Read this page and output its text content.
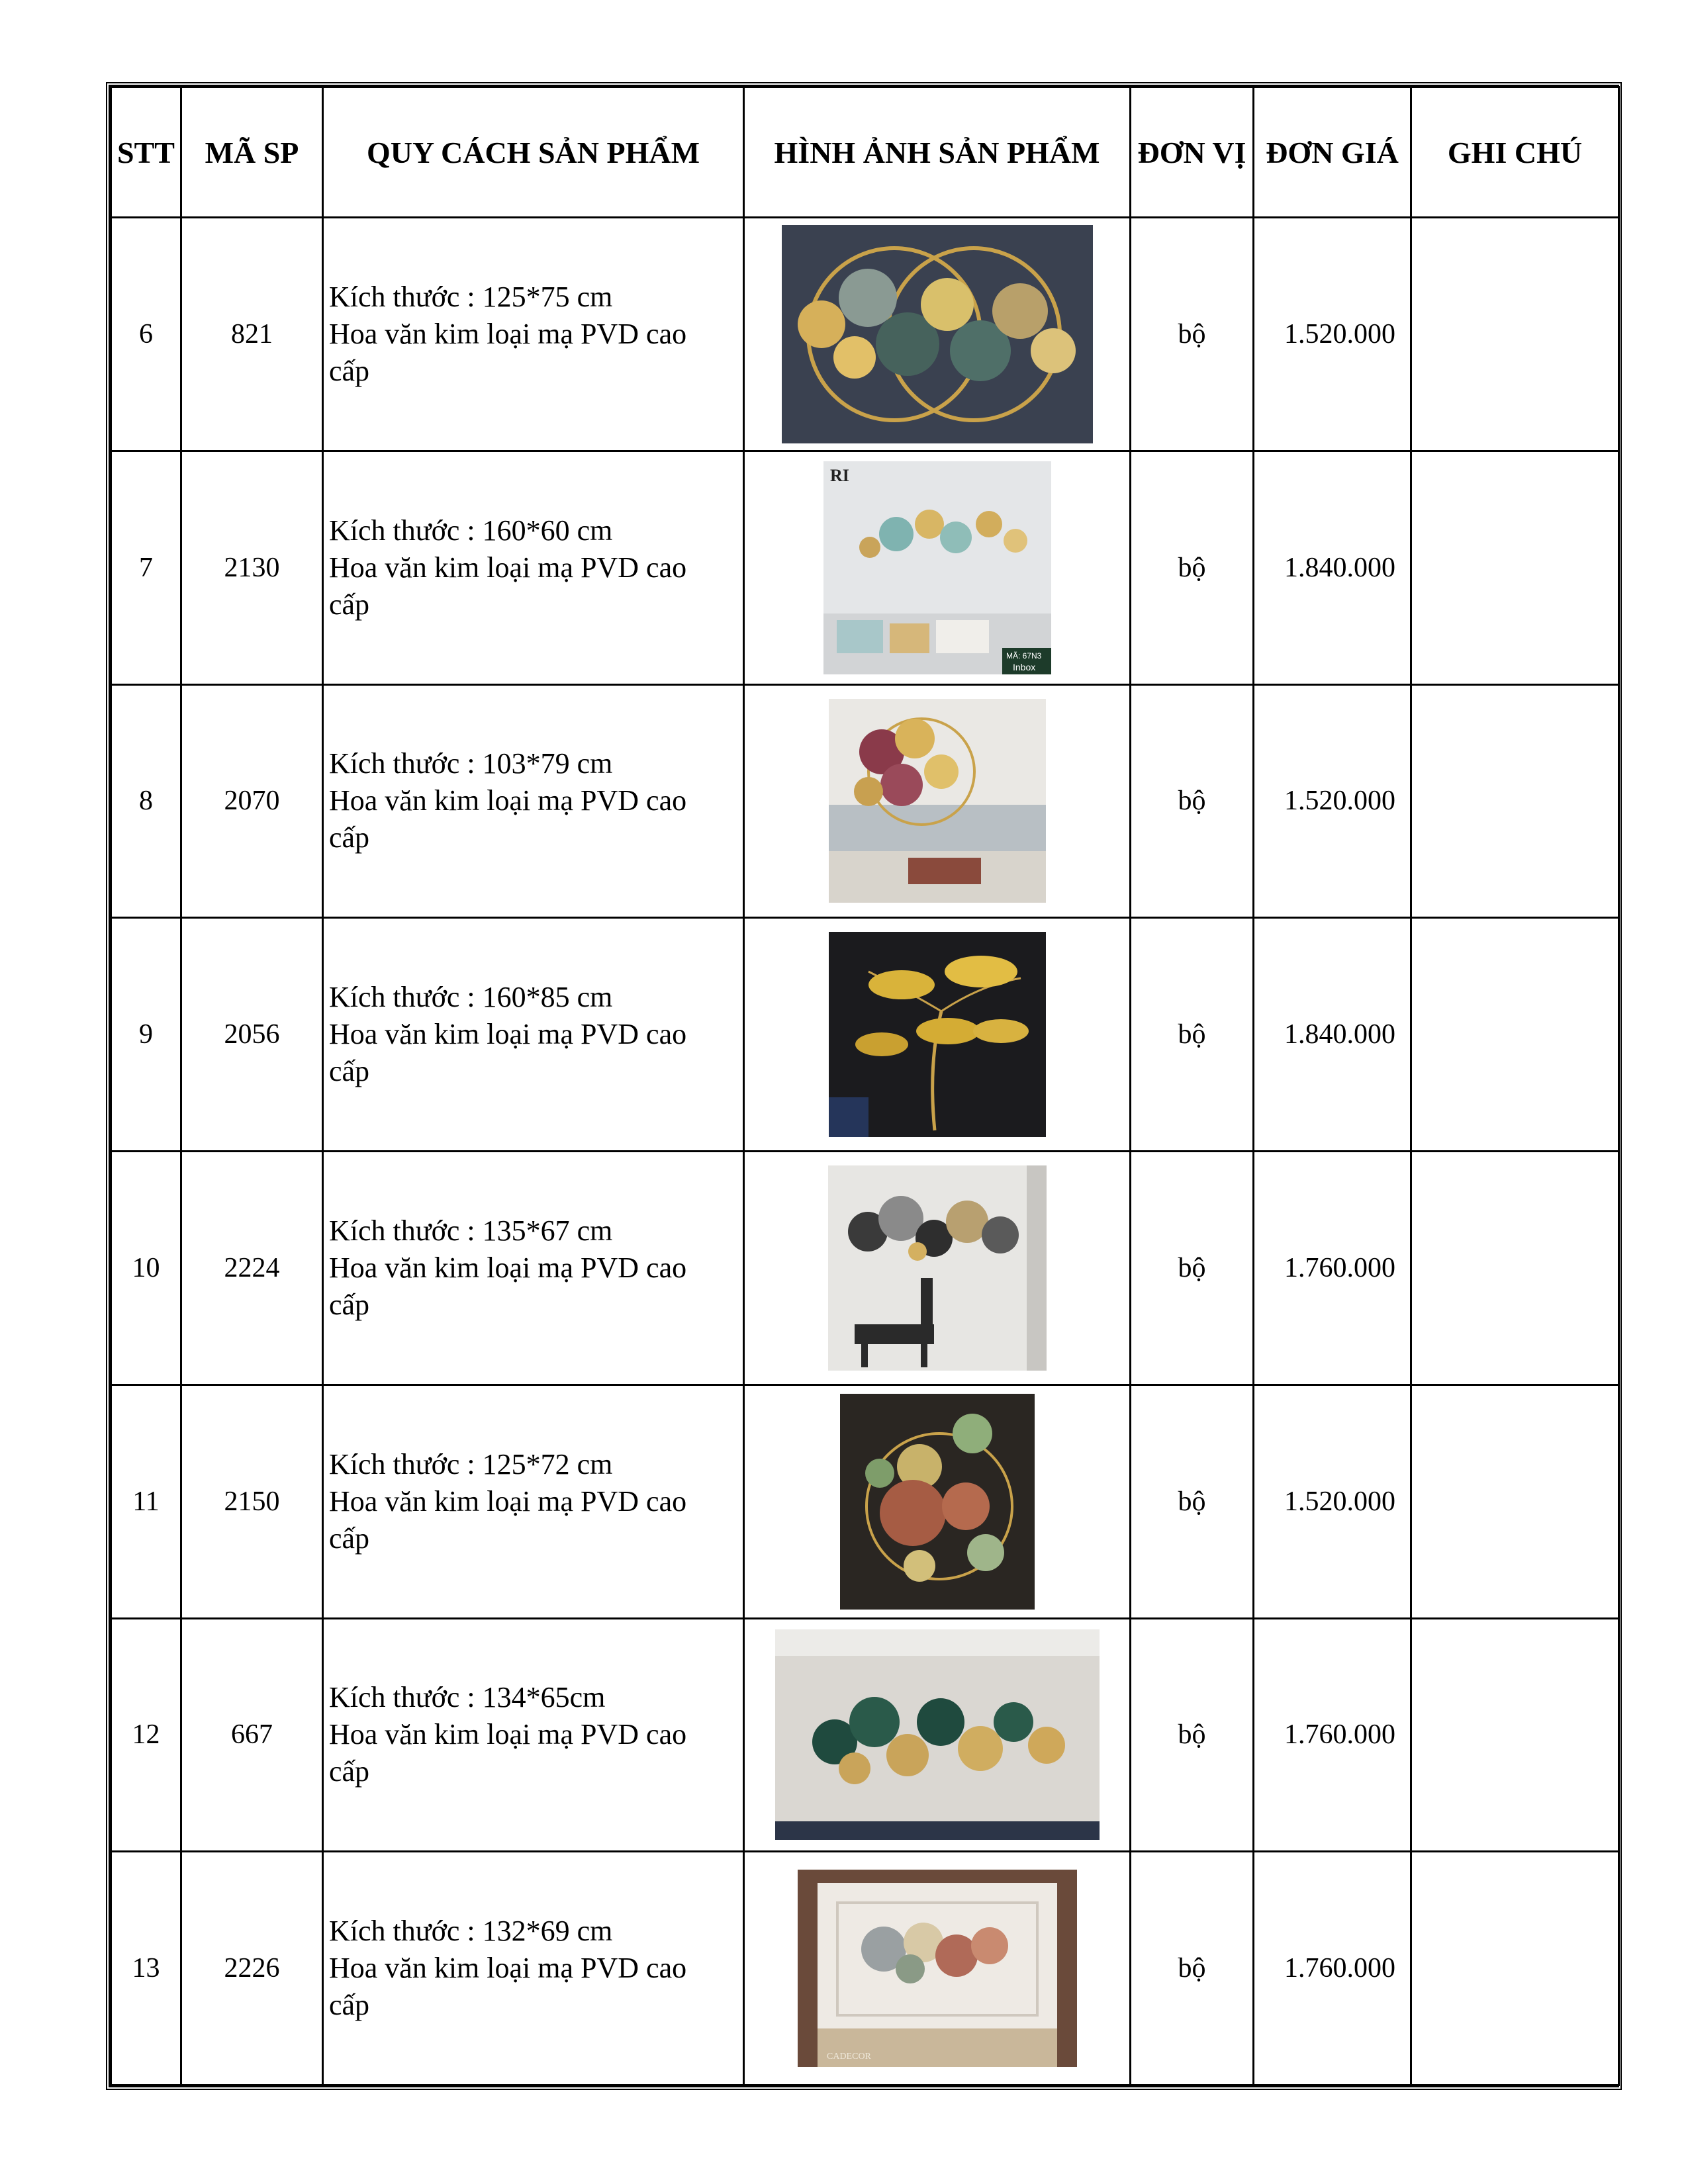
STT	MÃ SP	QUY CÁCH SẢN PHẨM	HÌNH ẢNH SẢN PHẨM	ĐƠN VỊ	ĐƠN GIÁ	GHI CHÚ
6	821	Kích thước : 125*75 cm
Hoa văn kim loại mạ PVD cao
cấp		bộ	1.520.000	
7	2130	Kích thước : 160*60 cm
Hoa văn kim loại mạ PVD cao
cấp	RI
MÃ: 67N3
Inbox	bộ	1.840.000	
8	2070	Kích thước : 103*79 cm
Hoa văn kim loại mạ PVD cao
cấp		bộ	1.520.000	
9	2056	Kích thước : 160*85 cm
Hoa văn kim loại mạ PVD cao
cấp		bộ	1.840.000	
10	2224	Kích thước : 135*67 cm
Hoa văn kim loại mạ PVD cao
cấp		bộ	1.760.000	
11	2150	Kích thước : 125*72 cm
Hoa văn kim loại mạ PVD cao
cấp		bộ	1.520.000	
12	667	Kích thước : 134*65cm
Hoa văn kim loại mạ PVD cao
cấp		bộ	1.760.000	
13	2226	Kích thước : 132*69 cm
Hoa văn kim loại mạ PVD cao
cấp	CADECOR	bộ	1.760.000	
